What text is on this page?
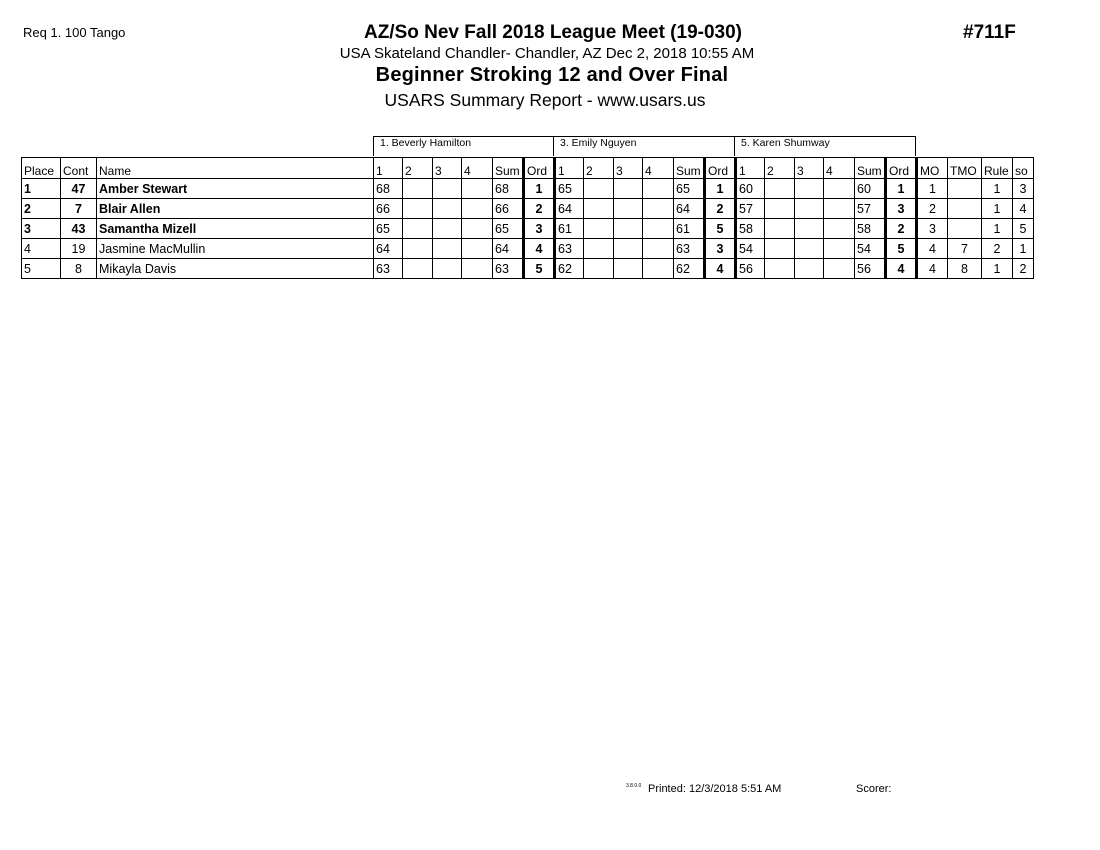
Req 1. 100 Tango	#711F
AZ/So Nev Fall 2018 League Meet (19-030)
USA Skateland Chandler- Chandler, AZ Dec 2, 2018 10:55 AM
Beginner Stroking 12 and Over Final
USARS Summary Report - www.usars.us
1. Beverly Hamilton	3. Emily Nguyen	5. Karen Shumway
Place	Cont	Name	1	2	3	4	Sum	Ord	1	2	3	4	Sum	Ord	1	2	3	4	Sum	Ord	MO	TMO	Rule	so
1	47	Amber Stewart	68				68	1	65				65	1	60				60	1	1		1	3
2	7	Blair Allen	66				66	2	64				64	2	57				57	3	2		1	4
3	43	Samantha Mizell	65				65	3	61				61	5	58				58	2	3		1	5
4	19	Jasmine MacMullin	64				64	4	63				63	3	54				54	5	4	7	2	1
5	8	Mikayla Davis	63				63	5	62				62	4	56				56	4	4	8	1	2
3.8.0.0 Printed: 12/3/2018 5:51 AM	Scorer:
